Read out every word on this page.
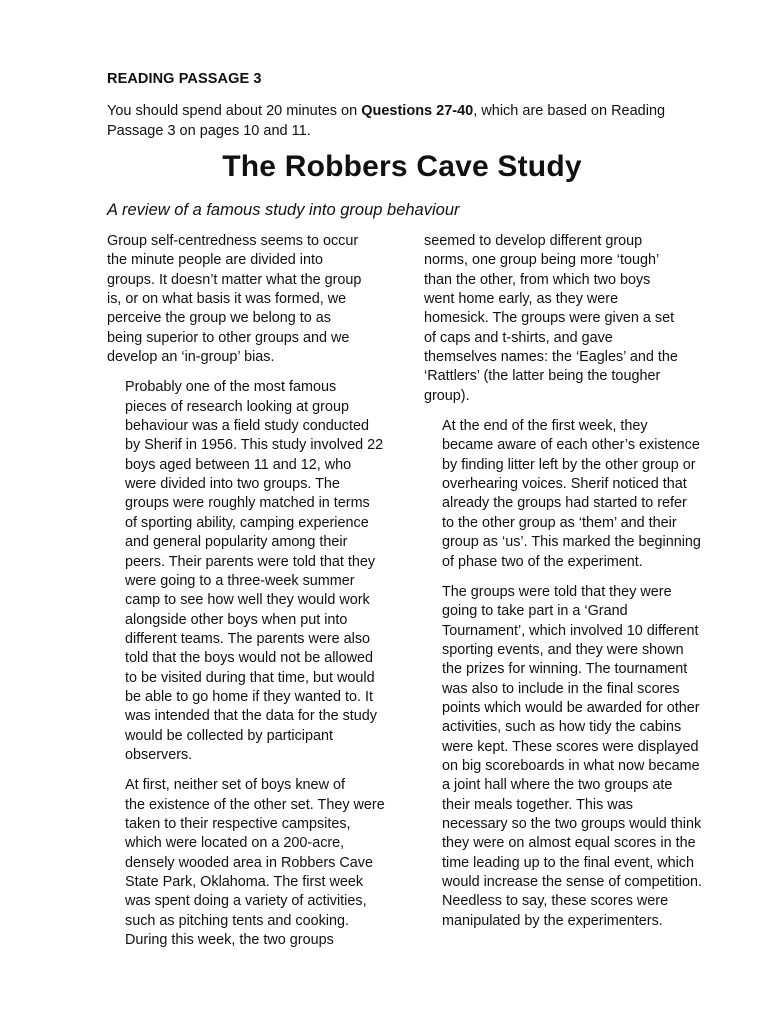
READING PASSAGE 3
You should spend about 20 minutes on Questions 27-40, which are based on Reading
Passage 3 on pages 10 and 11.
The Robbers Cave Study
A review of a famous study into group behaviour

Group self-centredness seems to occur
the minute people are divided into
groups. It doesn’t matter what the group
is, or on what basis it was formed, we
perceive the group we belong to as
being superior to other groups and we
develop an ‘in-group’ bias.

Probably one of the most famous
pieces of research looking at group
behaviour was a field study conducted
by Sherif in 1956. This study involved 22
boys aged between 11 and 12, who
were divided into two groups. The
groups were roughly matched in terms
of sporting ability, camping experience
and general popularity among their
peers. Their parents were told that they
were going to a three-week summer
camp to see how well they would work
alongside other boys when put into
different teams. The parents were also
told that the boys would not be allowed
to be visited during that time, but would
be able to go home if they wanted to. It
was intended that the data for the study
would be collected by participant
observers.

At first, neither set of boys knew of
the existence of the other set. They were
taken to their respective campsites,
which were located on a 200-acre,
densely wooded area in Robbers Cave
State Park, Oklahoma. The first week
was spent doing a variety of activities,
such as pitching tents and cooking.
During this week, the two groups

seemed to develop different group
norms, one group being more ‘tough’
than the other, from which two boys
went home early, as they were
homesick. The groups were given a set
of caps and t-shirts, and gave
themselves names: the ‘Eagles’ and the
‘Rattlers’ (the latter being the tougher
group).

At the end of the first week, they
became aware of each other’s existence
by finding litter left by the other group or
overhearing voices. Sherif noticed that
already the groups had started to refer
to the other group as ‘them’ and their
group as ‘us’. This marked the beginning
of phase two of the experiment.

The groups were told that they were
going to take part in a ‘Grand
Tournament’, which involved 10 different
sporting events, and they were shown
the prizes for winning. The tournament
was also to include in the final scores
points which would be awarded for other
activities, such as how tidy the cabins
were kept. These scores were displayed
on big scoreboards in what now became
a joint hall where the two groups ate
their meals together. This was
necessary so the two groups would think
they were on almost equal scores in the
time leading up to the final event, which
would increase the sense of competition.
Needless to say, these scores were
manipulated by the experimenters.
